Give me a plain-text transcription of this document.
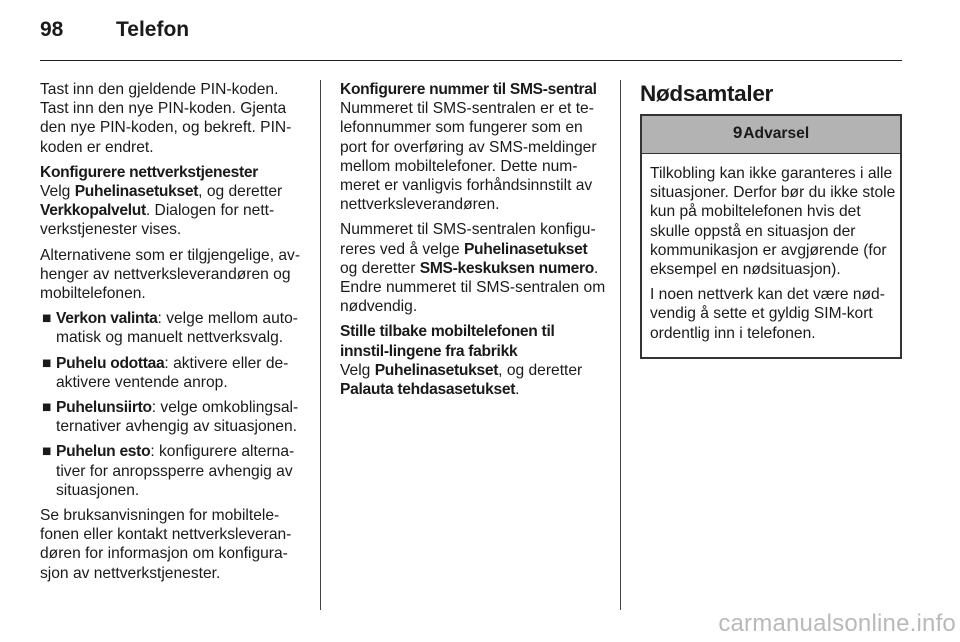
98	Telefon

Tast inn den gjeldende PIN-koden. Tast inn den nye PIN-koden. Gjenta den nye PIN-koden, og bekreft. PIN-koden er endret.

Konfigurere nettverkstjenester
Velg Puhelinasetukset, og deretter Verkkopalvelut. Dialogen for nett-verkstjenester vises.

Alternativene som er tilgjengelige, av-henger av nettverksleverandøren og mobiltelefonen.

■ Verkon valinta: velge mellom auto-matisk og manuelt nettverksvalg.
■ Puhelu odottaa: aktivere eller de-aktivere ventende anrop.
■ Puhelunsiirto: velge omkoblingsal-ternativer avhengig av situasjonen.
■ Puhelun esto: konfigurere alterna-tiver for anropssperre avhengig av situasjonen.

Se bruksanvisningen for mobiltele-fonen eller kontakt nettverksleveran-døren for informasjon om konfigura-sjon av nettverkstjenester.

Konfigurere nummer til SMS-sentral
Nummeret til SMS-sentralen er et te-lefonnummer som fungerer som en port for overføring av SMS-meldinger mellom mobiltelefoner. Dette num-meret er vanligvis forhåndsinnstilt av nettverksleverandøren.

Nummeret til SMS-sentralen konfigu-reres ved å velge Puhelinasetukset og deretter SMS-keskuksen numero. Endre nummeret til SMS-sentralen om nødvendig.

Stille tilbake mobiltelefonen til innstil-lingene fra fabrikk
Velg Puhelinasetukset, og deretter Palauta tehdasasetukset.
Nødsamtaler
9Advarsel

Tilkobling kan ikke garanteres i alle situasjoner. Derfor bør du ikke stole kun på mobiltelefonen hvis det skulle oppstå en situasjon der kommunikasjon er avgjørende (for eksempel en nødsituasjon).

I noen nettverk kan det være nød-vendig å sette et gyldig SIM-kort ordentlig inn i telefonen.

carmanualsonline.info
